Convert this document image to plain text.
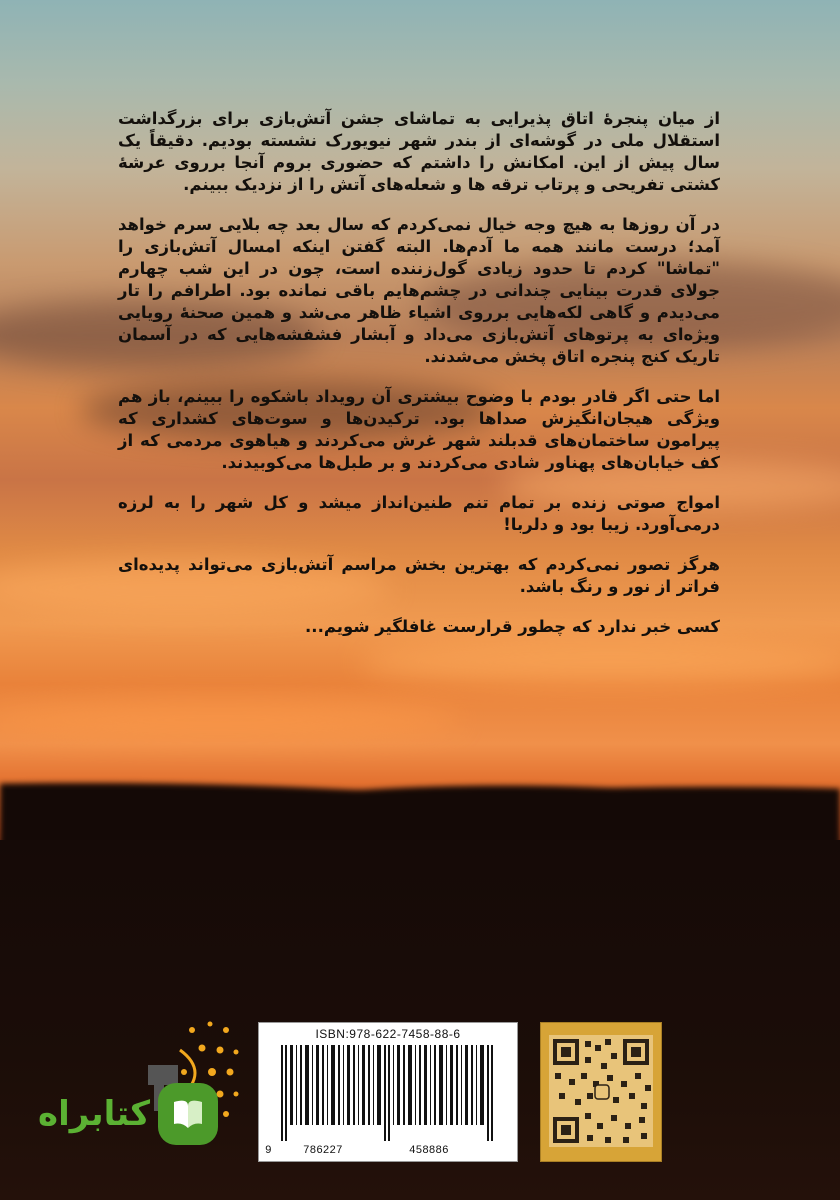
از میان پنجرهٔ اتاق پذیرایی به تماشای جشن آتش‌بازی برای بزرگداشت استقلال ملی در گوشه‌ای از بندر شهر نیویورک نشسته بودیم. دقیقاً یک سال پیش از این. امکانش را داشتم که حضوری بروم آنجا برروی عرشهٔ کشتی تفریحی و پرتاب ترقه ها و شعله‌های آتش را از نزدیک ببینم.

در آن روزها به هیچ وجه خیال نمی‌کردم که سال بعد چه بلایی سرم خواهد آمد؛ درست مانند همه ما آدم‌ها. البته گفتن اینکه امسال آتش‌بازی را "تماشا" کردم تا حدود زیادی گول‌زننده است، چون در این شب چهارم جولای قدرت بینایی چندانی در چشم‌هایم باقی نمانده بود. اطرافم را تار می‌دیدم و گاهی لکه‌هایی برروی اشیاء ظاهر می‌شد و همین صحنهٔ رویایی ویژه‌ای به پرتوهای آتش‌بازی می‌داد و آبشار فشفشه‌هایی که در آسمان تاریک کنج پنجره اتاق پخش می‌شدند.

اما حتی اگر قادر بودم با وضوح بیشتری آن رویداد باشکوه را ببینم، باز هم ویژگی هیجان‌انگیزش صداها بود. ترکیدن‌ها و سوت‌های کشداری که پیرامون ساختمان‌های قدبلند شهر غرش می‌کردند و هیاهوی مردمی که از کف خیابان‌های پهناور شادی می‌کردند و بر طبل‌ها می‌کوبیدند.

امواج صوتی زنده بر تمام تنم طنین‌انداز میشد و کل شهر را به لرزه درمی‌آورد. زیبا بود و دلربا!

هرگز تصور نمی‌کردم که بهترین بخش مراسم آتش‌بازی می‌تواند پدیده‌ای فراتر از نور و رنگ باشد.

کسی خبر ندارد که چطور قرارست غافلگیر شویم...

ISBN:978-622-7458-88-6
9	786227	458886
کتابراه
